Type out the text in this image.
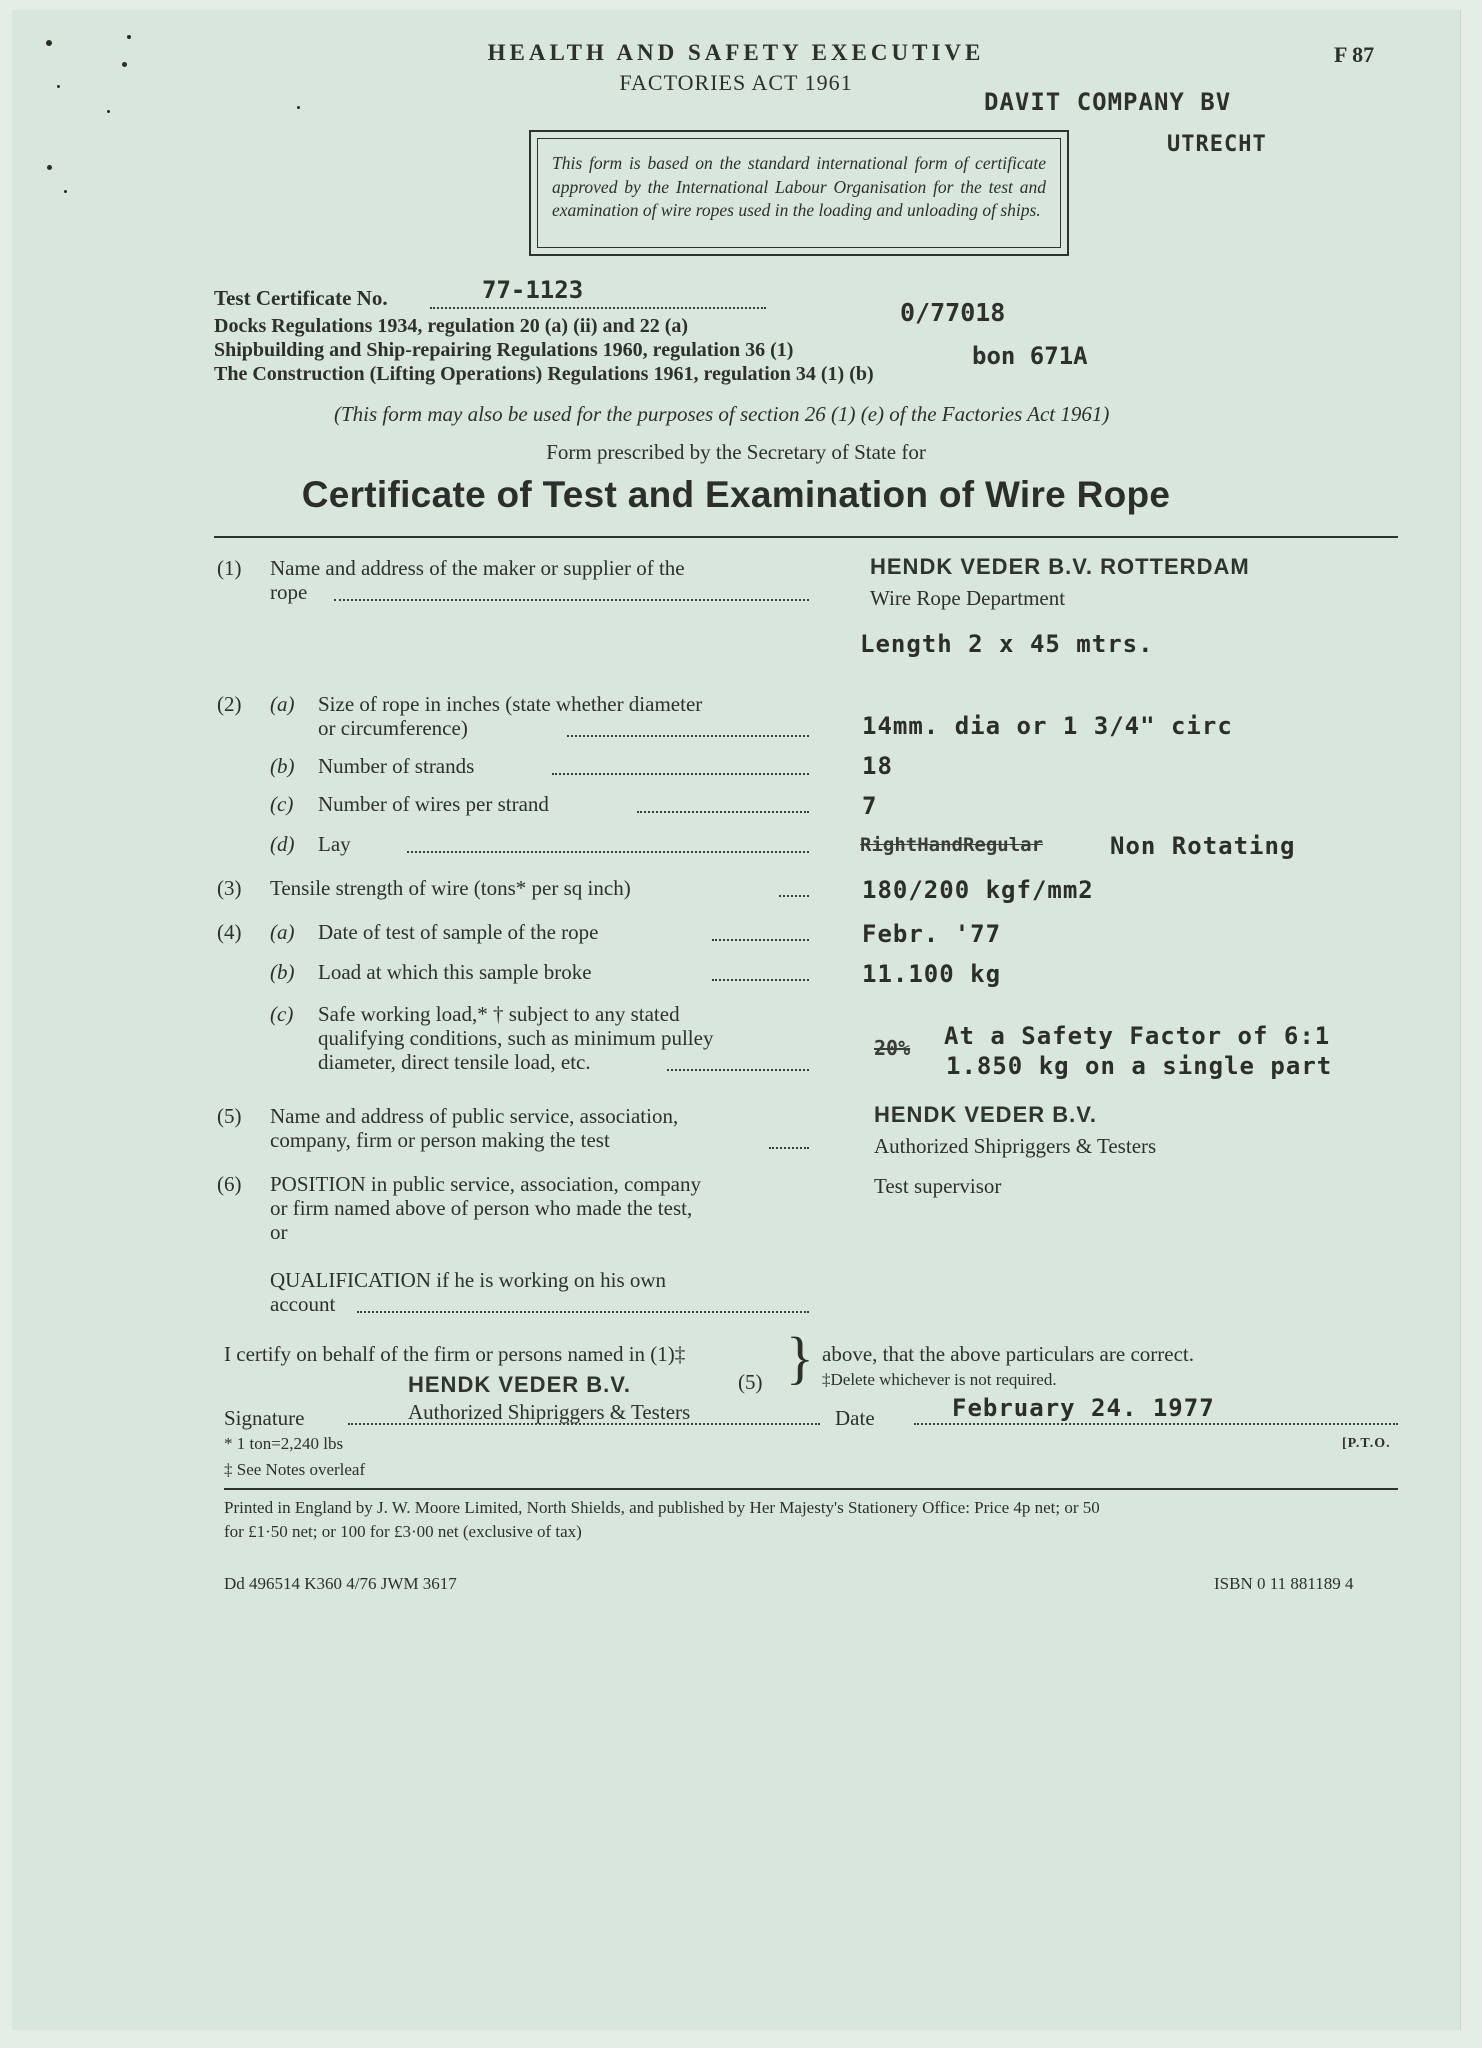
HEALTH AND SAFETY EXECUTIVE
FACTORIES ACT 1961
F 87
DAVIT COMPANY BV
UTRECHT
This form is based on the standard international form of certificate approved by the International Labour Organisation for the test and examination of wire ropes used in the loading and unloading of ships.
Test Certificate No.	77-1123
0/77018
bon 671A
Docks Regulations 1934, regulation 20 (a) (ii) and 22 (a)
Shipbuilding and Ship-repairing Regulations 1960, regulation 36 (1)
The Construction (Lifting Operations) Regulations 1961, regulation 34 (1) (b)
(This form may also be used for the purposes of section 26 (1) (e) of the Factories Act 1961)
Form prescribed by the Secretary of State for
Certificate of Test and Examination of Wire Rope
(1) Name and address of the maker or supplier of the
rope
HENDK VEDER B.V. ROTTERDAM
Wire Rope Department
Length 2 x 45 mtrs.
(2) (a) Size of rope in inches (state whether diameter
or circumference)	14mm. dia or 1 3/4" circ
(b) Number of strands	18
(c) Number of wires per strand	7
(d) Lay	RightHandRegular	Non Rotating
(3) Tensile strength of wire (tons* per sq inch)	180/200 kgf/mm2
(4) (a) Date of test of sample of the rope	Febr. '77
(b) Load at which this sample broke	11.100 kg
(c) Safe working load,* † subject to any stated
qualifying conditions, such as minimum pulley
diameter, direct tensile load, etc.
20% At a Safety Factor of 6:1
1.850 kg on a single part
(5) Name and address of public service, association,
company, firm or person making the test
HENDK VEDER B.V.
Authorized Shipriggers & Testers
(6) POSITION in public service, association, company
or firm named above of person who made the test,
or
Test supervisor
QUALIFICATION if he is working on his own
account
I certify on behalf of the firm or persons named in (1)‡ } above, that the above particulars are correct.
HENDK VEDER B.V.	(5)	‡Delete whichever is not required.
Signature	Authorized Shipriggers & Testers	Date	February 24. 1977
* 1 ton=2,240 lbs	[P.T.O.
‡ See Notes overleaf
Printed in England by J. W. Moore Limited, North Shields, and published by Her Majesty's Stationery Office: Price 4p net; or 50
for £1·50 net; or 100 for £3·00 net (exclusive of tax)
Dd 496514 K360 4/76 JWM 3617	ISBN 0 11 881189 4
